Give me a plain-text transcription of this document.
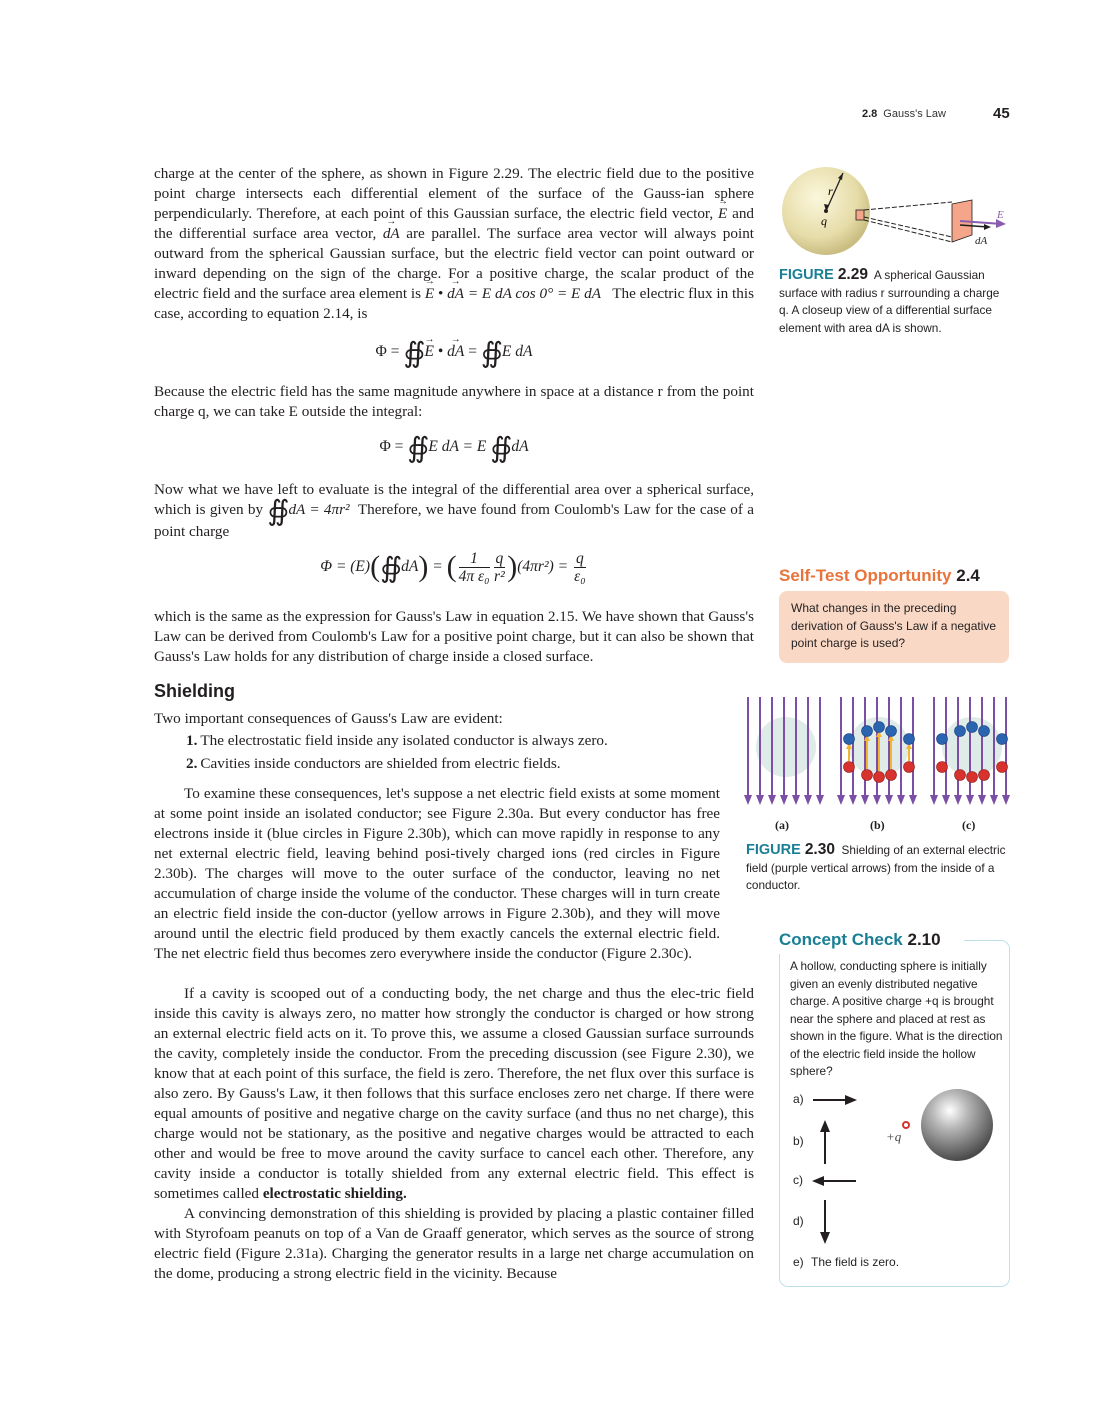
2.8 Gauss's Law	45

charge at the center of the sphere, as shown in Figure 2.29. The electric field due to the positive point charge intersects each differential element of the surface of the Gauss-ian sphere perpendicularly. Therefore, at each point of this Gaussian surface, the electric field vector, → E and the differential surface area vector, → dA are parallel. The surface area vector will always point outward from the spherical Gaussian surface, but the electric field vector can point outward or inward depending on the sign of the charge. For a positive charge, the scalar product of the electric field and the surface area element is → E • → dA = E dA cos 0° = E dA The electric flux in this case, according to equation 2.14, is

Φ = ∯ → E • → dA = ∯ E dA

Because the electric field has the same magnitude anywhere in space at a distance r from the point charge q, we can take E outside the integral:

Φ = ∯ E dA = E ∯ dA

Now what we have left to evaluate is the integral of the differential area over a spherical surface, which is given by ∯ dA = 4πr² Therefore, we have found from Coulomb's Law for the case of a point charge

Φ = (E)(∯ dA) = ( $\frac{1}{\text{4π ε₀}} \frac{q}{\text{r²}} )(4\pi r^2) = \frac{q}{\text{ε₀}}$

which is the same as the expression for Gauss's Law in equation 2.15. We have shown that Gauss's Law can be derived from Coulomb's Law for a positive point charge, but it can also be shown that Gauss's Law holds for any distribution of charge inside a closed surface.

Shielding

Two important consequences of Gauss's Law are evident:

1. The electrostatic field inside any isolated conductor is always zero.
2. Cavities inside conductors are shielded from electric fields.

To examine these consequences, let's suppose a net electric field exists at some moment at some point inside an isolated conductor; see Figure 2.30a. But every conductor has free electrons inside it (blue circles in Figure 2.30b), which can move rapidly in response to any net external electric field, leaving behind posi-tively charged ions (red circles in Figure 2.30b). The charges will move to the outer surface of the conductor, leaving no net accumulation of charge inside the volume of the conductor. These charges will in turn create an electric field inside the con-ductor (yellow arrows in Figure 2.30b), and they will move around until the electric field produced by them exactly cancels the external electric field. The net electric field thus becomes zero everywhere inside the conductor (Figure 2.30c).

If a cavity is scooped out of a conducting body, the net charge and thus the elec-tric field inside this cavity is always zero, no matter how strongly the conductor is charged or how strong an external electric field acts on it. To prove this, we assume a closed Gaussian surface surrounds the cavity, completely inside the conductor. From the preceding discussion (see Figure 2.30), we know that at each point of this surface, the field is zero. Therefore, the net flux over this surface is also zero. By Gauss's Law, it then follows that this surface encloses zero net charge. If there were equal amounts of positive and negative charge on the cavity surface (and thus no net charge), this charge would not be stationary, as the positive and negative charges would be attracted to each other and would be free to move around the cavity surface to cancel each other. Therefore, any cavity inside a conductor is totally shielded from any external electric field. This effect is sometimes called electrostatic shielding.

A convincing demonstration of this shielding is provided by placing a plastic container filled with Styrofoam peanuts on top of a Van de Graaff generator, which serves as the source of strong electric field (Figure 2.31a). Charging the generator results in a large net charge accumulation on the dome, producing a strong electric field in the vicinity. Because

r
q	E
dA
FIGURE 2.29 A spherical Gaussian surface with radius r surrounding a charge q. A closeup view of a differential surface element with area dA is shown.
Self-Test Opportunity 2.4
What changes in the preceding derivation of Gauss's Law if a negative point charge is used?
(a)	(b)	(c)
FIGURE 2.30 Shielding of an external electric field (purple vertical arrows) from the inside of a conductor.
Concept Check 2.10
A hollow, conducting sphere is initially given an evenly distributed negative charge. A positive charge +q is brought near the sphere and placed at rest as shown in the figure. What is the direction of the electric field inside the hollow sphere?
a)
b)
c)
d)
e) The field is zero.
+q
